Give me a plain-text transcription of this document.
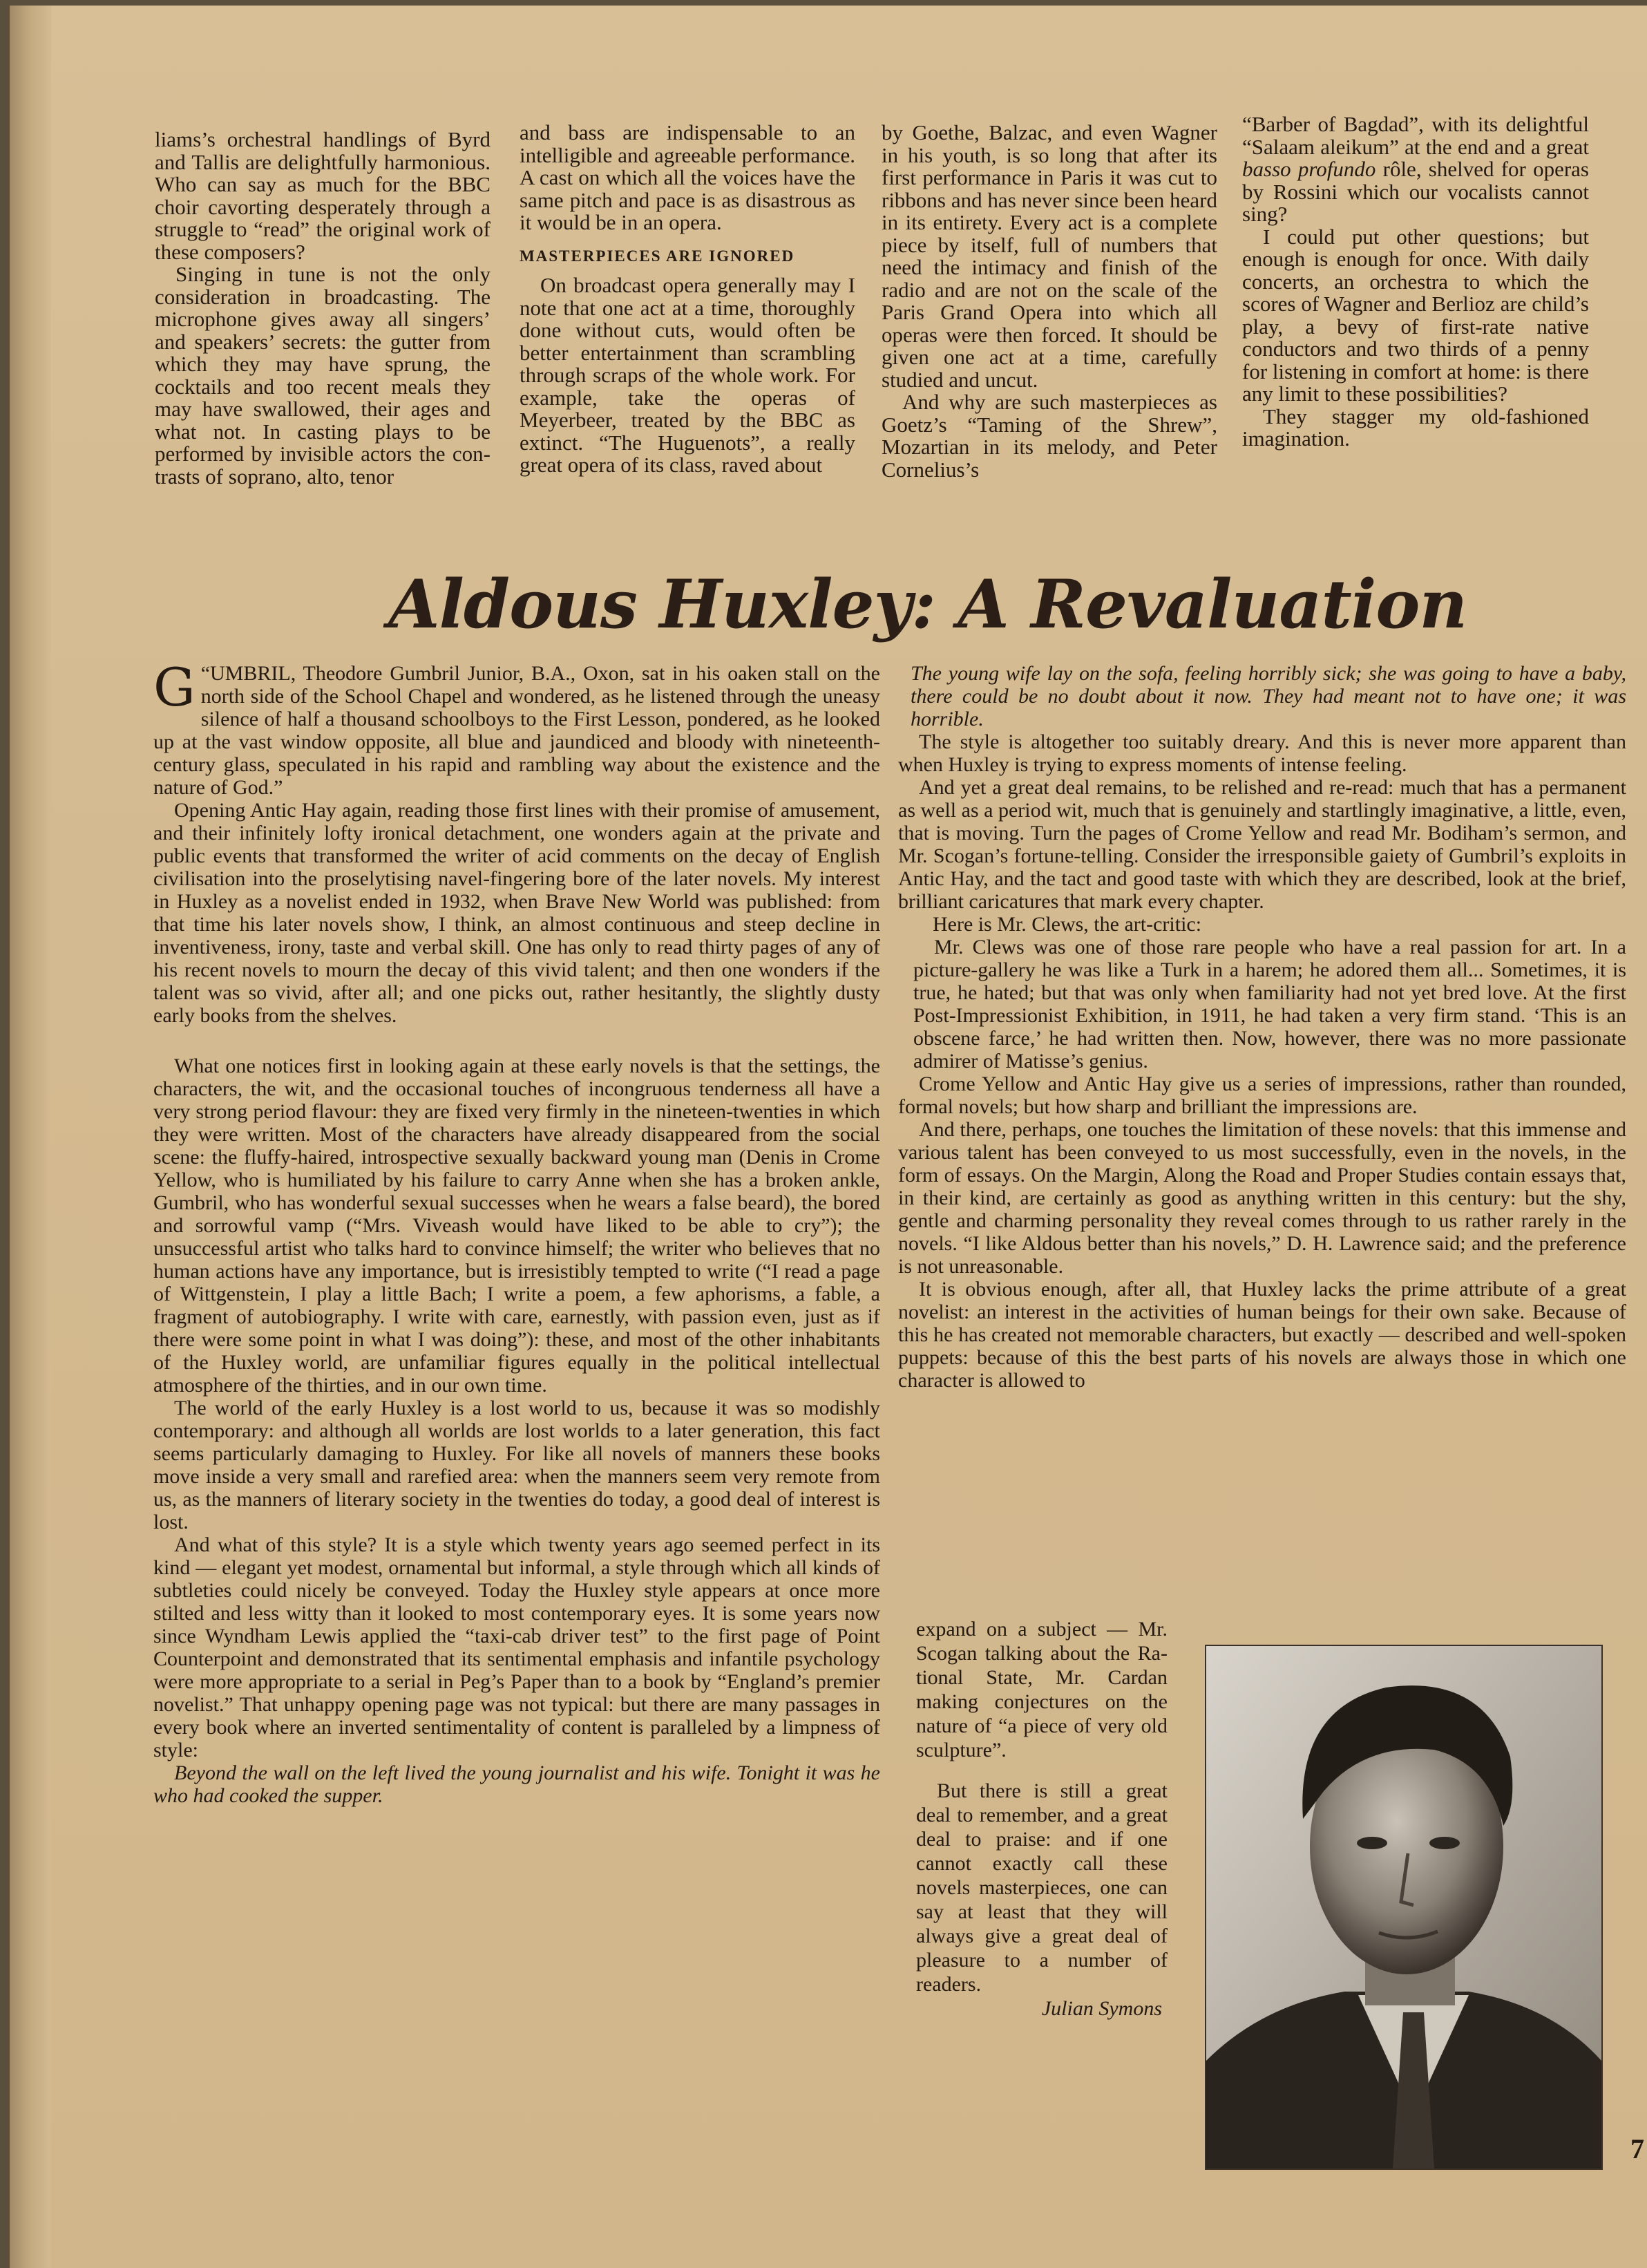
liams’s orchestral handlings of Byrd and Tallis are delightfully harmonious. Who can say as much for the BBC choir cavorting desperately through a struggle to “read” the original work of these composers?

Singing in tune is not the only consideration in broadcasting. The microphone gives away all singers’ and speakers’ secrets: the gutter from which they may have sprung, the cocktails and too recent meals they may have swallowed, their ages and what not. In casting plays to be performed by invisible actors the contrasts of soprano, alto, tenor

and bass are indispensable to an intelligible and agreeable performance. A cast on which all the voices have the same pitch and pace is as disastrous as it would be in an opera.

MASTERPIECES ARE IGNORED

On broadcast opera generally may I note that one act at a time, thoroughly done without cuts, would often be better entertainment than scrambling through scraps of the whole work. For example, take the operas of Meyerbeer, treated by the BBC as extinct. “The Huguenots”, a really great opera of its class, raved about

by Goethe, Balzac, and even Wagner in his youth, is so long that after its first performance in Paris it was cut to ribbons and has never since been heard in its entirety. Every act is a complete piece by itself, full of numbers that need the intimacy and finish of the radio and are not on the scale of the Paris Grand Opera into which all operas were then forced. It should be given one act at a time, carefully studied and uncut.

And why are such masterpieces as Goetz’s “Taming of the Shrew”, Mozartian in its melody, and Peter Cornelius’s

“Barber of Bagdad”, with its delightful “Salaam aleikum” at the end and a great basso profundo rôle, shelved for operas by Rossini which our vocalists cannot sing?

I could put other questions; but enough is enough for once. With daily concerts, an orchestra to which the scores of Wagner and Berlioz are child’s play, a bevy of first-rate native conductors and two thirds of a penny for listening in comfort at home: is there any limit to these possibilities?

They stagger my old-fashioned imagination.

Aldous Huxley: A Revaluation

“
G UMBRIL, Theodore Gumbril Junior, B.A., Oxon, sat in his oaken stall on the north side of the School Chapel and wondered, as he listened through the uneasy silence of half a thousand schoolboys to the First Lesson, pondered, as he looked up at the vast window opposite, all blue and jaundiced and bloody with nineteenth-century glass, speculated in his rapid and rambling way about the existence and the nature of God.”

Opening Antic Hay again, reading those first lines with their promise of amusement, and their infinitely lofty ironical detachment, one wonders again at the private and public events that transformed the writer of acid comments on the decay of English civilisation into the proselytising navel-fingering bore of the later novels. My interest in Huxley as a novelist ended in 1932, when Brave New World was published: from that time his later novels show, I think, an almost continuous and steep decline in inventiveness, irony, taste and verbal skill. One has only to read thirty pages of any of his recent novels to mourn the decay of this vivid talent; and then one wonders if the talent was so vivid, after all; and one picks out, rather hesitantly, the slightly dusty early books from the shelves.

What one notices first in looking again at these early novels is that the settings, the characters, the wit, and the occasional touches of incongruous tenderness all have a very strong period flavour: they are fixed very firmly in the nineteen-twenties in which they were written. Most of the characters have already disappeared from the social scene: the fluffy-haired, introspective sexually backward young man (Denis in Crome Yellow, who is humiliated by his failure to carry Anne when she has a broken ankle, Gumbril, who has wonderful sexual successes when he wears a false beard), the bored and sorrowful vamp (“Mrs. Viveash would have liked to be able to cry”); the unsuccessful artist who talks hard to convince himself; the writer who believes that no human actions have any importance, but is irresistibly tempted to write (“I read a page of Wittgenstein, I play a little Bach; I write a poem, a few aphorisms, a fable, a fragment of autobiography. I write with care, earnestly, with passion even, just as if there were some point in what I was doing”): these, and most of the other inhabitants of the Huxley world, are unfamiliar figures equally in the political intellectual atmosphere of the thirties, and in our own time.

The world of the early Huxley is a lost world to us, because it was so modishly contemporary: and although all worlds are lost worlds to a later generation, this fact seems particularly damaging to Huxley. For like all novels of manners these books move inside a very small and rarefied area: when the manners seem very remote from us, as the manners of literary society in the twenties do today, a good deal of interest is lost.

And what of this style? It is a style which twenty years ago seemed perfect in its kind — elegant yet modest, ornamental but informal, a style through which all kinds of subtleties could nicely be conveyed. Today the Huxley style appears at once more stilted and less witty than it looked to most contemporary eyes. It is some years now since Wyndham Lewis applied the “taxi-cab driver test” to the first page of Point Counterpoint and demonstrated that its sentimental emphasis and infantile psychology were more appropriate to a serial in Peg’s Paper than to a book by “England’s premier novelist.” That unhappy opening page was not typical: but there are many passages in every book where an inverted sentimentality of content is paralleled by a limpness of style:

Beyond the wall on the left lived the young journalist and his wife. Tonight it was he who had cooked the supper.

The young wife lay on the sofa, feeling horribly sick; she was going to have a baby, there could be no doubt about it now. They had meant not to have one; it was horrible.

The style is altogether too suitably dreary. And this is never more apparent than when Huxley is trying to express moments of intense feeling.

And yet a great deal remains, to be relished and re-read: much that has a permanent as well as a period wit, much that is genuinely and startlingly imaginative, a little, even, that is moving. Turn the pages of Crome Yellow and read Mr. Bodiham’s sermon, and Mr. Scogan’s fortune-telling. Consider the irresponsible gaiety of Gumbril’s exploits in Antic Hay, and the tact and good taste with which they are described, look at the brief, brilliant caricatures that mark every chapter.

Here is Mr. Clews, the art-critic:

Mr. Clews was one of those rare people who have a real passion for art. In a picture-gallery he was like a Turk in a harem; he adored them all... Sometimes, it is true, he hated; but that was only when familiarity had not yet bred love. At the first Post-Impressionist Exhibition, in 1911, he had taken a very firm stand. ‘This is an obscene farce,’ he had written then. Now, however, there was no more passionate admirer of Matisse’s genius.

Crome Yellow and Antic Hay give us a series of impressions, rather than rounded, formal novels; but how sharp and brilliant the impressions are.

And there, perhaps, one touches the limitation of these novels: that this immense and various talent has been conveyed to us most successfully, even in the novels, in the form of essays. On the Margin, Along the Road and Proper Studies contain essays that, in their kind, are certainly as good as anything written in this century: but the shy, gentle and charming personality they reveal comes through to us rather rarely in the novels. “I like Aldous better than his novels,” D. H. Lawrence said; and the preference is not unreasonable.

It is obvious enough, after all, that Huxley lacks the prime attribute of a great novelist: an interest in the activities of human beings for their own sake. Because of this he has created not memorable characters, but exactly — described and well-spoken puppets: because of this the best parts of his novels are always those in which one character is allowed to

expand on a subject — Mr. Scogan talking about the Rational State, Mr. Cardan making conjectures on the nature of “a piece of very old sculpture”.

But there is still a great deal to remember, and a great deal to praise: and if one cannot exactly call these novels masterpieces, one can say at least that they will always give a great deal of pleasure to a number of readers.

Julian Symons

7
